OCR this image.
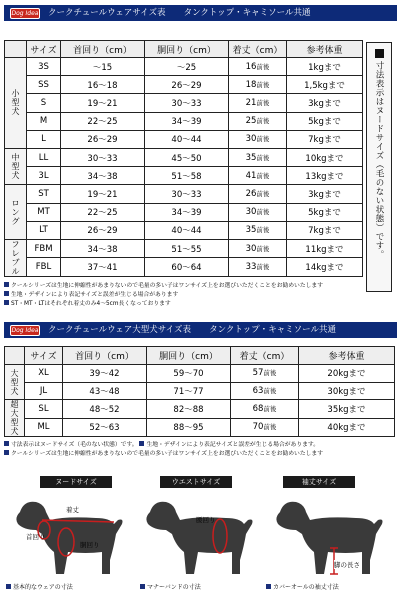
Dog Idea クークチュールウェアサイズ表 タンクトップ・キャミソール共通
	サイズ	首回り（cm）	胴回り（cm）	着丈（cm）	参考体重

小
型
犬	3S	〜15	〜25	16前後	1kgまで
	SS	16〜18	26〜29	18前後	1,5kgまで
	S	19〜21	30〜33	21前後	3kgまで
	M	22〜25	34〜39	25前後	5kgまで
	L	26〜29	40〜44	30前後	7kgまで

中
型
犬	LL	30〜33	45〜50	35前後	10kgまで
	3L	34〜38	51〜58	41前後	13kgまで

ロ
ン
グ	ST	19〜21	30〜33	26前後	3kgまで
	MT	22〜25	34〜39	30前後	5kgまで
	LT	26〜29	40〜44	35前後	7kgまで

フ
レ
ブ
ル	FBM	34〜38	51〜55	30前後	11kgまで
	FBL	37〜41	60〜64	33前後	14kgまで
寸法表示はヌードサイズ（毛のない状態）です。
クールシリーズは生地に伸縮性があまりないので毛量の多い子はワンサイズ上をお選びいただくことをお勧めいたします
生地・デザインにより表記サイズと誤差が生じる場合があります
ST・MT・LTはそれぞれ着丈のみ4〜5cm長くなっております
Dog Idea クークチュールウェア大型犬サイズ表 タンクトップ・キャミソール共通
	サイズ	首回り（cm）	胴回り（cm）	着丈（cm）	参考体重

大
型
犬	XL	39〜42	59〜70	57前後	20kgまで
	JL	43〜48	71〜77	63前後	30kgまで

超
大
型
犬	SL	48〜52	82〜88	68前後	35kgまで
	ML	52〜63	88〜95	70前後	40kgまで
寸法表示はヌードサイズ（毛のない状態）です。 生地・デザインにより表記サイズと誤差が生じる場合があります。
クールシリーズは生地に伸縮性があまりないので毛量の多い子はワンサイズ上をお選びいただくことをお勧めいたします
ヌードサイズ	ウエストサイズ	袖丈サイズ
着丈
首回り
胴回り
腰回り
脚の長さ
基本的なウェアの寸法	マナーバンドの寸法	カバーオールの袖丈寸法
